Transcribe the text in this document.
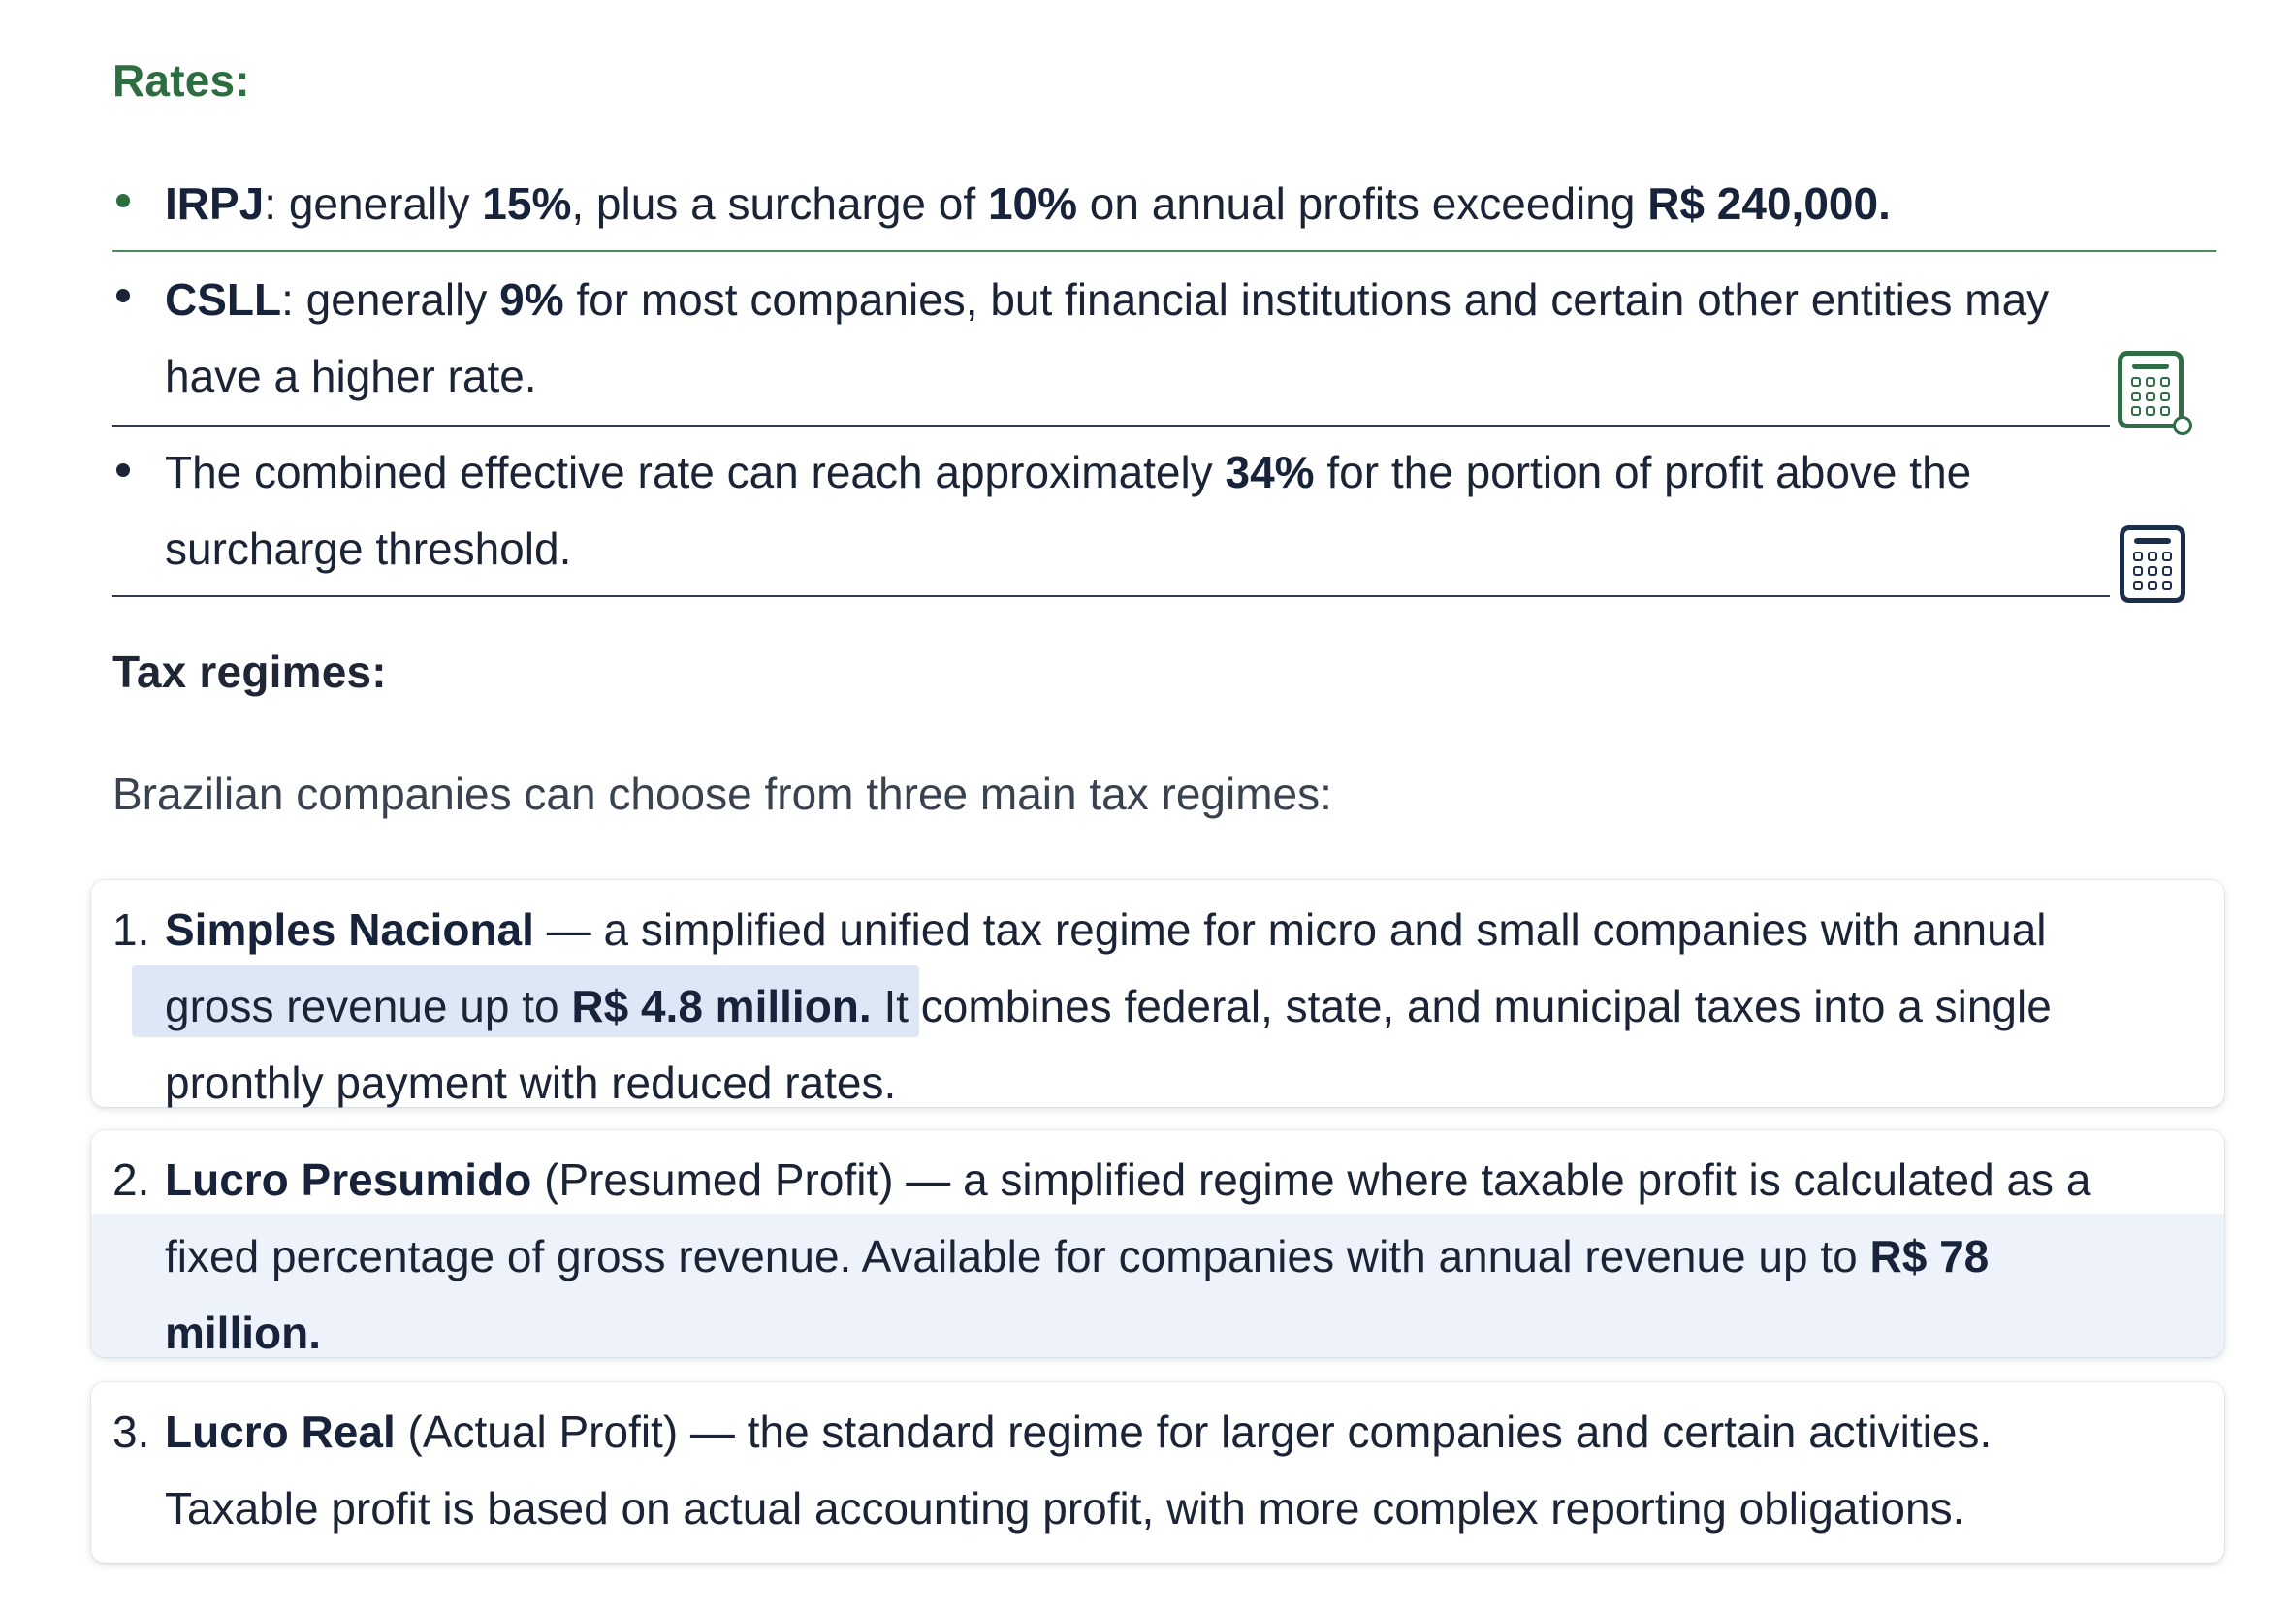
Rates:
IRPJ: generally 15%, plus a surcharge of 10% on annual profits exceeding R$ 240,000.
CSLL: generally 9% for most companies, but financial institutions and certain other entities may
have a higher rate.
The combined effective rate can reach approximately 34% for the portion of profit above the
surcharge threshold.
Tax regimes:
Brazilian companies can choose from three main tax regimes:
1. Simples Nacional — a simplified unified tax regime for micro and small companies with annual
gross revenue up to R$ 4.8 million. It combines federal, state, and municipal taxes into a single
pronthly payment with reduced rates.
2. Lucro Presumido (Presumed Profit) — a simplified regime where taxable profit is calculated as a
fixed percentage of gross revenue. Available for companies with annual revenue up to R$ 78
million.
3. Lucro Real (Actual Profit) — the standard regime for larger companies and certain activities.
Taxable profit is based on actual accounting profit, with more complex reporting obligations.
